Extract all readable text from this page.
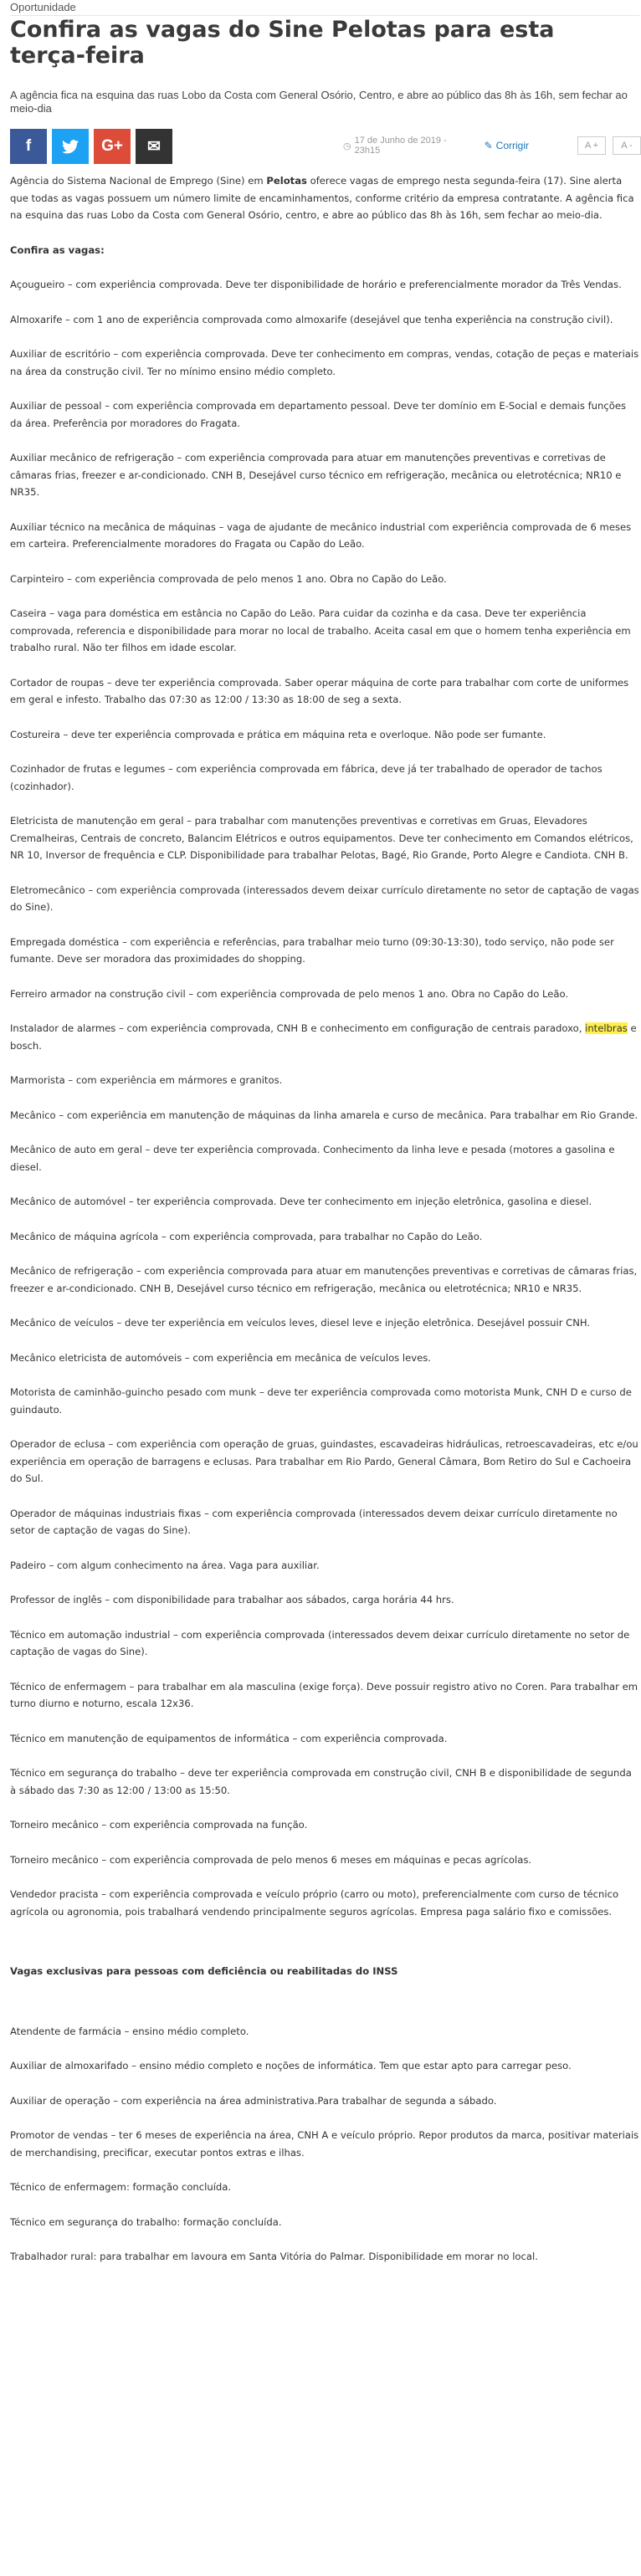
Oportunidade
Confira as vagas do Sine Pelotas para esta terça-feira
A agência fica na esquina das ruas Lobo da Costa com General Osório, Centro, e abre ao público das 8h às 16h, sem fechar ao meio-dia
f	G+ ✉	◷
17 de Junho de 2019 - 23h15	✎ Corrigir	A +	A -

Agência do Sistema Nacional de Emprego (Sine) em Pelotas oferece vagas de emprego nesta segunda-feira (17). Sine alerta que todas as vagas possuem um número limite de encaminhamentos, conforme critério da empresa contratante. A agência fica na esquina das ruas Lobo da Costa com General Osório, centro, e abre ao público das 8h às 16h, sem fechar ao meio-dia.

Confira as vagas:

Açougueiro – com experiência comprovada. Deve ter disponibilidade de horário e preferencialmente morador da Três Vendas.

Almoxarife – com 1 ano de experiência comprovada como almoxarife (desejável que tenha experiência na construção civil).

Auxiliar de escritório – com experiência comprovada. Deve ter conhecimento em compras, vendas, cotação de peças e materiais na área da construção civil. Ter no mínimo ensino médio completo.

Auxiliar de pessoal – com experiência comprovada em departamento pessoal. Deve ter domínio em E-Social e demais funções da área. Preferência por moradores do Fragata.

Auxiliar mecânico de refrigeração – com experiência comprovada para atuar em manutenções preventivas e corretivas de câmaras frias, freezer e ar-condicionado. CNH B, Desejável curso técnico em refrigeração, mecânica ou eletrotécnica; NR10 e NR35.

Auxiliar técnico na mecânica de máquinas – vaga de ajudante de mecânico industrial com experiência comprovada de 6 meses em carteira. Preferencialmente moradores do Fragata ou Capão do Leão.

Carpinteiro – com experiência comprovada de pelo menos 1 ano. Obra no Capão do Leão.

Caseira – vaga para doméstica em estância no Capão do Leão. Para cuidar da cozinha e da casa. Deve ter experiência comprovada, referencia e disponibilidade para morar no local de trabalho. Aceita casal em que o homem tenha experiência em trabalho rural. Não ter filhos em idade escolar.

Cortador de roupas – deve ter experiência comprovada. Saber operar máquina de corte para trabalhar com corte de uniformes em geral e infesto. Trabalho das 07:30 as 12:00 / 13:30 as 18:00 de seg a sexta.

Costureira – deve ter experiência comprovada e prática em máquina reta e overloque. Não pode ser fumante.

Cozinhador de frutas e legumes – com experiência comprovada em fábrica, deve já ter trabalhado de operador de tachos (cozinhador).

Eletricista de manutenção em geral – para trabalhar com manutenções preventivas e corretivas em Gruas, Elevadores Cremalheiras, Centrais de concreto, Balancim Elétricos e outros equipamentos. Deve ter conhecimento em Comandos elétricos, NR 10, Inversor de frequência e CLP. Disponibilidade para trabalhar Pelotas, Bagé, Rio Grande, Porto Alegre e Candiota. CNH B.

Eletromecânico – com experiência comprovada (interessados devem deixar currículo diretamente no setor de captação de vagas do Sine).

Empregada doméstica – com experiência e referências, para trabalhar meio turno (09:30-13:30), todo serviço, não pode ser fumante. Deve ser moradora das proximidades do shopping.

Ferreiro armador na construção civil – com experiência comprovada de pelo menos 1 ano. Obra no Capão do Leão.

Instalador de alarmes – com experiência comprovada, CNH B e conhecimento em configuração de centrais paradoxo, intelbras e bosch.

Marmorista – com experiência em mármores e granitos.

Mecânico – com experiência em manutenção de máquinas da linha amarela e curso de mecânica. Para trabalhar em Rio Grande.

Mecânico de auto em geral – deve ter experiência comprovada. Conhecimento da linha leve e pesada (motores a gasolina e diesel.

Mecânico de automóvel – ter experiência comprovada. Deve ter conhecimento em injeção eletrônica, gasolina e diesel.

Mecânico de máquina agrícola – com experiência comprovada, para trabalhar no Capão do Leão.

Mecânico de refrigeração – com experiência comprovada para atuar em manutenções preventivas e corretivas de câmaras frias, freezer e ar-condicionado. CNH B, Desejável curso técnico em refrigeração, mecânica ou eletrotécnica; NR10 e NR35.

Mecânico de veículos – deve ter experiência em veículos leves, diesel leve e injeção eletrônica. Desejável possuir CNH.

Mecânico eletricista de automóveis – com experiência em mecânica de veículos leves.

Motorista de caminhão-guincho pesado com munk – deve ter experiência comprovada como motorista Munk, CNH D e curso de guindauto.

Operador de eclusa – com experiência com operação de gruas, guindastes, escavadeiras hidráulicas, retroescavadeiras, etc e/ou experiência em operação de barragens e eclusas. Para trabalhar em Rio Pardo, General Câmara, Bom Retiro do Sul e Cachoeira do Sul.

Operador de máquinas industriais fixas – com experiência comprovada (interessados devem deixar currículo diretamente no setor de captação de vagas do Sine).

Padeiro – com algum conhecimento na área. Vaga para auxiliar.

Professor de inglês – com disponibilidade para trabalhar aos sábados, carga horária 44 hrs.

Técnico em automação industrial – com experiência comprovada (interessados devem deixar currículo diretamente no setor de captação de vagas do Sine).

Técnico de enfermagem – para trabalhar em ala masculina (exige força). Deve possuir registro ativo no Coren. Para trabalhar em turno diurno e noturno, escala 12x36.

Técnico em manutenção de equipamentos de informática – com experiência comprovada.

Técnico em segurança do trabalho – deve ter experiência comprovada em construção civil, CNH B e disponibilidade de segunda à sábado das 7:30 as 12:00 / 13:00 as 15:50.

Torneiro mecânico – com experiência comprovada na função.

Torneiro mecânico – com experiência comprovada de pelo menos 6 meses em máquinas e pecas agrícolas.

Vendedor pracista – com experiência comprovada e veículo próprio (carro ou moto), preferencialmente com curso de técnico agrícola ou agronomia, pois trabalhará vendendo principalmente seguros agrícolas. Empresa paga salário fixo e comissões.

Vagas exclusivas para pessoas com deficiência ou reabilitadas do INSS

Atendente de farmácia – ensino médio completo.

Auxiliar de almoxarifado – ensino médio completo e noções de informática. Tem que estar apto para carregar peso.

Auxiliar de operação – com experiência na área administrativa.Para trabalhar de segunda a sábado.

Promotor de vendas – ter 6 meses de experiência na área, CNH A e veículo próprio. Repor produtos da marca, positivar materiais de merchandising, precificar, executar pontos extras e ilhas.

Técnico de enfermagem: formação concluída.

Técnico em segurança do trabalho: formação concluída.

Trabalhador rural: para trabalhar em lavoura em Santa Vitória do Palmar. Disponibilidade em morar no local.
